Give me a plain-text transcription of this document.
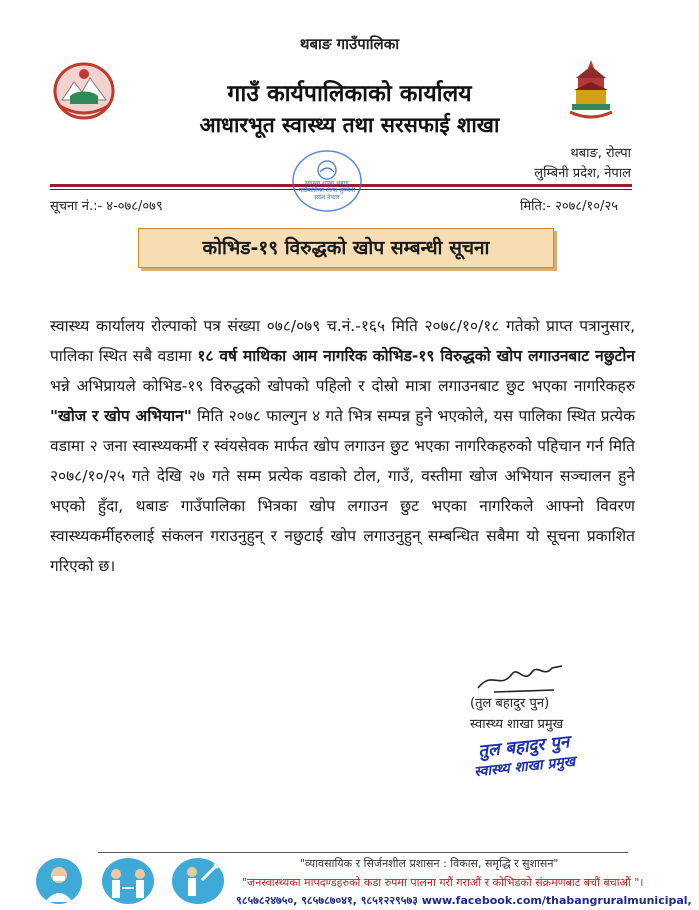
थबाङ गाउँपालिका
गाउँ कार्यपालिकाको कार्यालय
आधारभूत स्वास्थ्य तथा सरसफाई शाखा
थबाङ, रोल्पा
लुम्बिनी प्रदेश, नेपाल
स्वास्थ्य शाखा थबाङ गाउँपालिका रोल्पा लुम्बिनी प्रदेश नेपाल
सूचना नं.:- ४-०७८/०७९	मिति:- २०७८/१०/२५
कोभिड-१९ विरुद्धको खोप सम्बन्धी सूचना
स्वास्थ्य कार्यालय रोल्पाको पत्र संख्या ०७८/०७९ च.नं.-१६५ मिति २०७८/१०/१८ गतेको प्राप्त पत्रानुसार, पालिका स्थित सबै वडामा १८ वर्ष माथिका आम नागरिक कोभिड-१९ विरुद्धको खोप लगाउनबाट नछुटोन भन्ने अभिप्रायले कोभिड-१९ विरुद्धको खोपको पहिलो र दोस्रो मात्रा लगाउनबाट छुट भएका नागरिकहरु "खोज र खोप अभियान" मिति २०७८ फाल्गुन ४ गते भित्र सम्पन्न हुने भएकोले, यस पालिका स्थित प्रत्येक वडामा २ जना स्वास्थ्यकर्मी र स्वंयसेवक मार्फत खोप लगाउन छुट भएका नागरिकहरुको पहिचान गर्न मिति २०७८/१०/२५ गते देखि २७ गते सम्म प्रत्येक वडाको टोल, गाउँ, वस्तीमा खोज अभियान सञ्चालन हुने भएको हुँदा, थबाङ गाउँपालिका भित्रका खोप लगाउन छुट भएका नागरिकले आफ्नो विवरण स्वास्थ्यकर्मीहरुलाई संकलन गराउनुहुन् र नछुटाई खोप लगाउनुहुन् सम्बन्धित सबैमा यो सूचना प्रकाशित गरिएको छ।
(तुल बहादुर पुन)
स्वास्थ्य शाखा प्रमुख
तुल बहादुर पुन
स्वास्थ्य शाखा प्रमुख
"व्यावसायिक र सिर्जनशील प्रशासन : विकास, समृद्धि र सुशासन"
"जनस्वास्थ्यका मापदण्डहरुको कडा रुपमा पालना गरौं गराऔं र कोभिडको संक्रमणबाट बचौं बचाऔं "।
९८५७८२४७५०, ९८५७८७०४१, ९८५१२२९५७३ www.facebook.com/thabangruralmunicipal,
